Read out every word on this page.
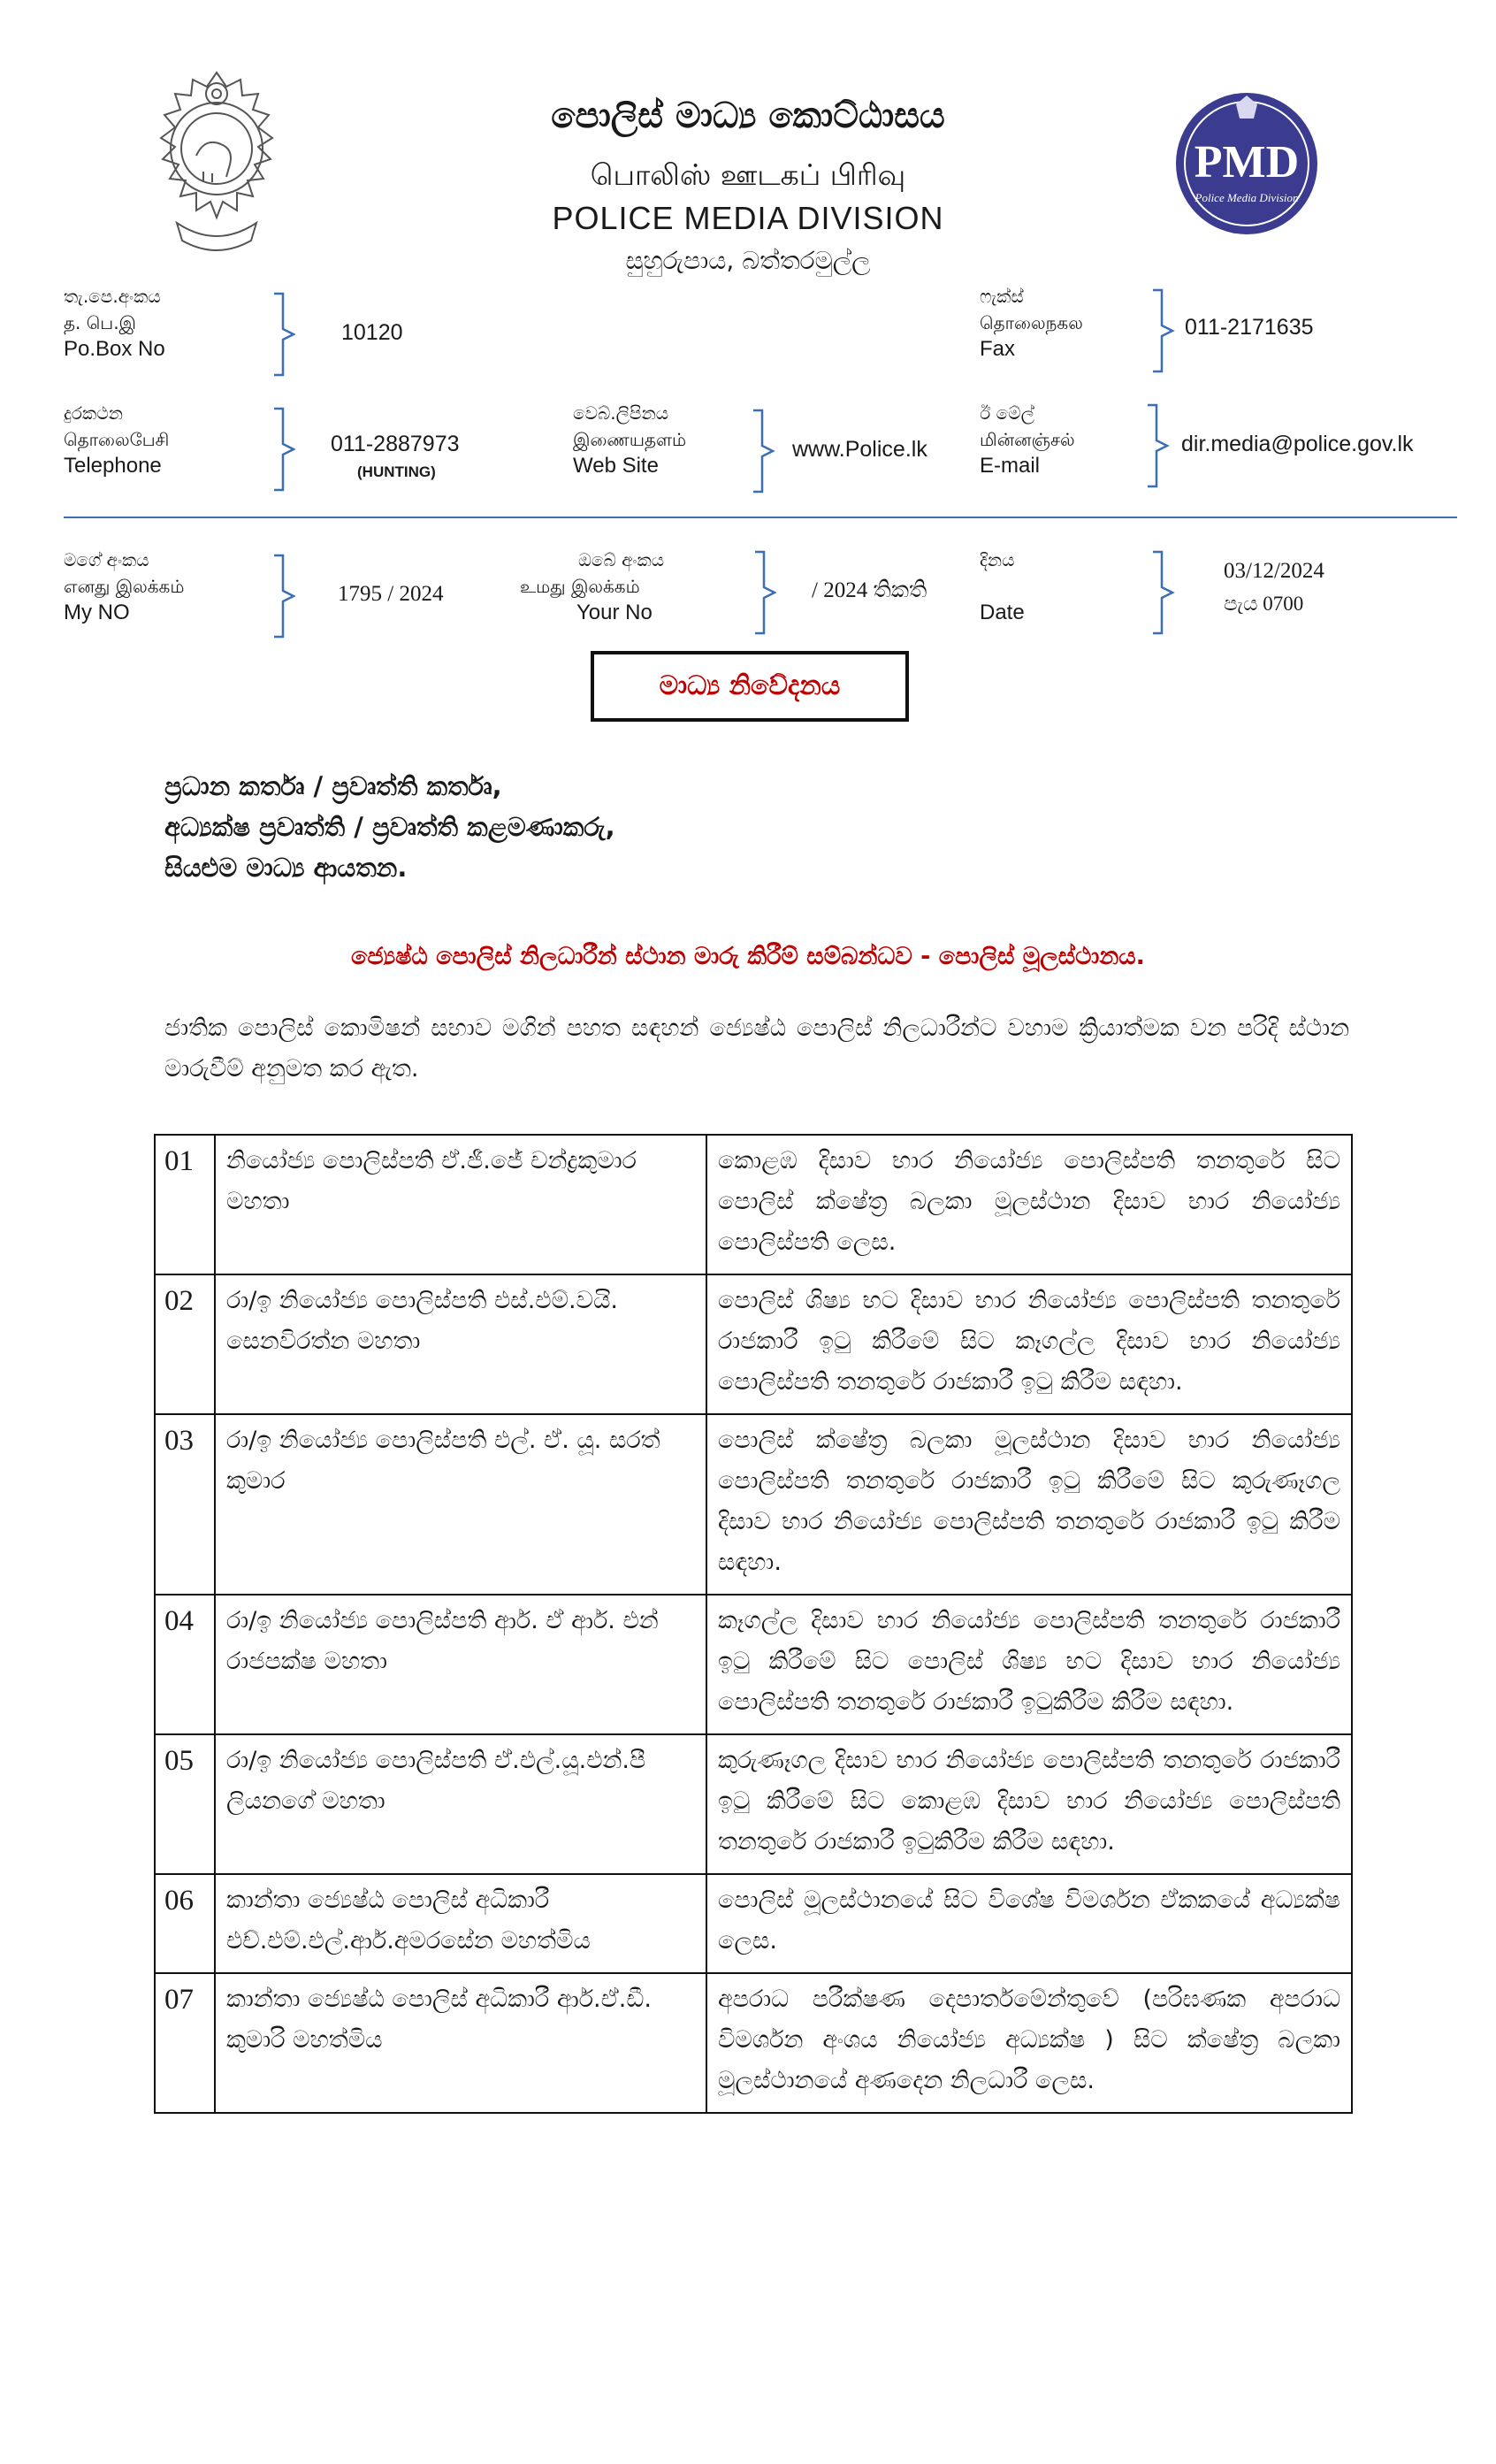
PMD
Police Media Division
පොලිස් මාධ්‍ය කොට්ඨාසය
பொலிஸ் ஊடகப் பிரிவு
POLICE MEDIA DIVISION
සුහුරුපාය, බත්තරමුල්ල
තැ.පෙ.අංකය
த. பெ.இ
Po.Box No
10120
ෆැක්ස්
தொலைநகல
Fax
011-2171635
දුරකථන
தொலைபேசி
Telephone
011-2887973
(HUNTING)
වෙබ්.ලිපිනය
இணையதளம்
Web Site
www.Police.lk
ඊ මේල්
மின்னஞ்சல்
E-mail
dir.media@police.gov.lk
මගේ අංකය
எனது இலக்கம்
My NO
1795 / 2024
ඔබේ අංකය
உமது இலக்கம்
Your No
/ 2024 තිකති
දිනය
Date
03/12/2024
පැය 0700
මාධ්‍ය නිවේදනය
ප්‍රධාන කර්තෘ / ප්‍රවෘත්ති කර්තෘ,
අධ්‍යක්ෂ ප්‍රවෘත්ති / ප්‍රවෘත්ති කළමණාකරු,
සියළුම මාධ්‍ය ආයතන.
ජ්‍යෙෂ්ඨ පොලිස් නිලධාරීන් ස්ථාන මාරු කිරීම් සම්බන්ධව - පොලිස් මූලස්ථානය.
ජාතික පොලිස් කොමිෂන් සභාව මගින් පහත සඳහන් ජ්‍යෙෂ්ඨ පොලිස් නිලධාරීන්ට වහාම ක්‍රියාත්මක වන පරිදි ස්ථාන මාරුවීම් අනුමත කර ඇත.
01	නියෝජ්‍ය පොලිස්පති ඒ.ජී.ජේ චන්ද්‍රකුමාර මහතා	කොළඹ දිසාව භාර නියෝජ්‍ය පොලිස්පති තනතුරේ සිට පොලිස් ක්ෂේත්‍ර බලකා මූලස්ථාන දිසාව භාර නියෝජ්‍ය පොලිස්පති ලෙස.
02	රා/ඉ නියෝජ්‍ය පොලිස්පති එස්.එම්.වයි. සෙනවිරත්න මහතා	පොලිස් ශිෂ්‍ය භට දිසාව භාර නියෝජ්‍ය පොලිස්පති තනතුරේ රාජකාරී ඉටු කිරීමේ සිට කෑගල්ල දිසාව භාර නියෝජ්‍ය පොලිස්පති තනතුරේ රාජකාරී ඉටු කිරීම සඳහා.
03	රා/ඉ නියෝජ්‍ය පොලිස්පති එල්. ඒ. යූ. සරත් කුමාර	පොලිස් ක්ෂේත්‍ර බලකා මූලස්ථාන දිසාව භාර නියෝජ්‍ය පොලිස්පති තනතුරේ රාජකාරී ඉටු කිරීමේ සිට කුරුණෑගල දිසාව භාර නියෝජ්‍ය පොලිස්පති තනතුරේ රාජකාරී ඉටු කිරීම සඳහා.
04	රා/ඉ නියෝජ්‍ය පොලිස්පති ආර්. ඒ ආර්. එන් රාජපක්ෂ මහතා	කෑගල්ල දිසාව භාර නියෝජ්‍ය පොලිස්පති තනතුරේ රාජකාරී ඉටු කිරීමේ සිට පොලිස් ශිෂ්‍ය භට දිසාව භාර නියෝජ්‍ය පොලිස්පති තනතුරේ රාජකාරී ඉටුකිරීම කිරීම සඳහා.
05	රා/ඉ නියෝජ්‍ය පොලිස්පති ඒ.එල්.යූ.එන්.පී ලියනගේ මහතා	කුරුණෑගල දිසාව භාර නියෝජ්‍ය පොලිස්පති තනතුරේ රාජකාරී ඉටු කිරීමේ සිට කොළඹ දිසාව භාර නියෝජ්‍ය පොලිස්පති තනතුරේ රාජකාරී ඉටුකිරීම කිරීම සඳහා.
06	කාන්තා ජ්‍යෙෂ්ඨ පොලිස් අධිකාරී එච්.එම්.එල්.ආර්.අමරසේන මහත්මිය	පොලිස් මූලස්ථානයේ සිට විශේෂ විමර්ශන ඒකකයේ අධ්‍යක්ෂ ලෙස.
07	කාන්තා ජ්‍යෙෂ්ඨ පොලිස් අධිකාරී ආර්.ඒ.ඩී. කුමාරි මහත්මිය	අපරාධ පරීක්ෂණ දෙපාර්තමේන්තුවේ (පරිඝණක අපරාධ විමර්ශන අංශය නියෝජ්‍ය අධ්‍යක්ෂ ) සිට ක්ෂේත්‍ර බලකා මූලස්ථානයේ අණදෙන නිලධාරී ලෙස.
